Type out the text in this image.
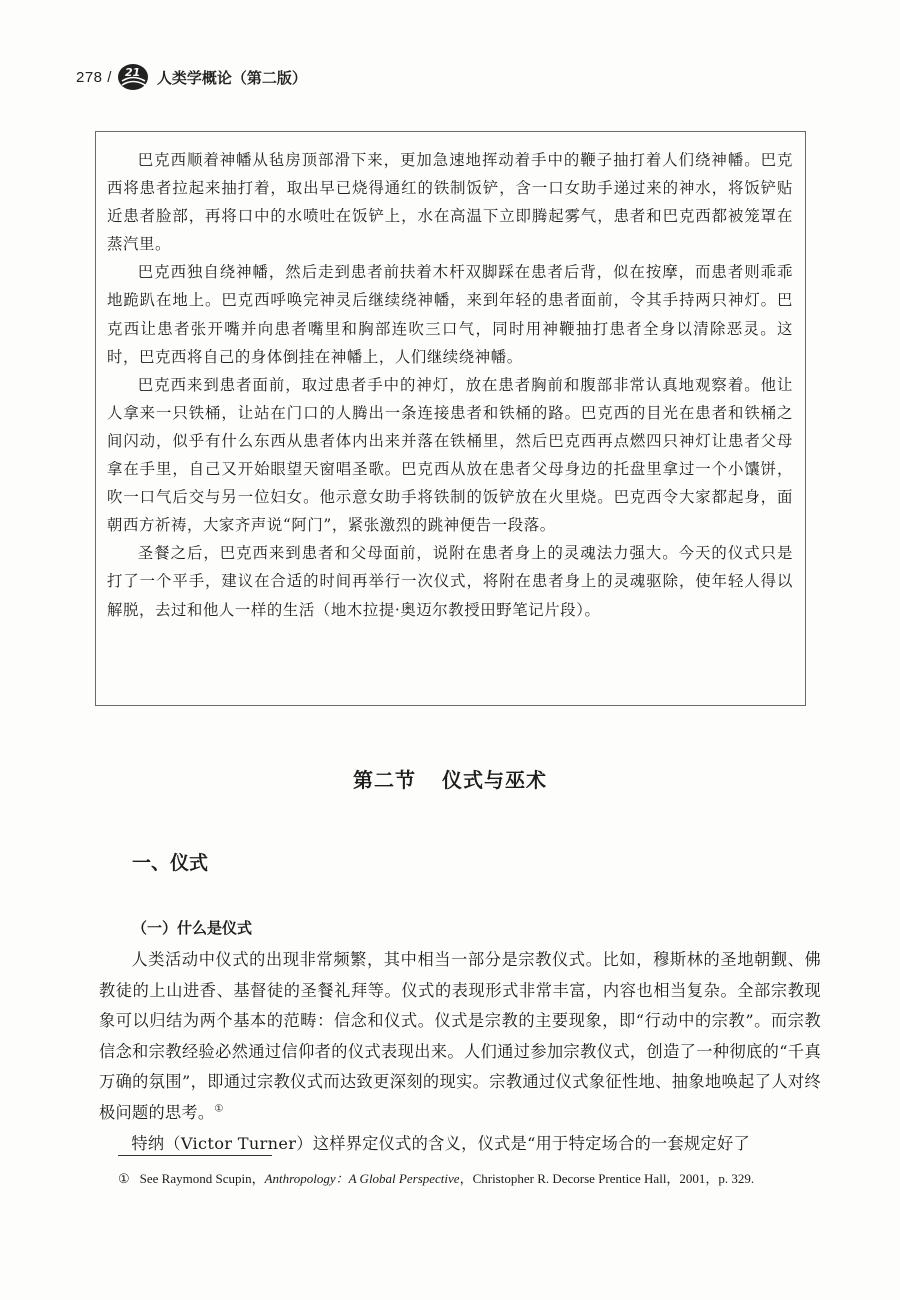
278 / 21 人类学概论（第二版）

巴克西顺着神幡从毡房顶部滑下来，更加急速地挥动着手中的鞭子抽打着人们绕神幡。巴克西将患者拉起来抽打着，取出早已烧得通红的铁制饭铲，含一口女助手递过来的神水，将饭铲贴近患者脸部，再将口中的水喷吐在饭铲上，水在高温下立即腾起雾气，患者和巴克西都被笼罩在蒸汽里。

巴克西独自绕神幡，然后走到患者前扶着木杆双脚踩在患者后背，似在按摩，而患者则乖乖地跪趴在地上。巴克西呼唤完神灵后继续绕神幡，来到年轻的患者面前，令其手持两只神灯。巴克西让患者张开嘴并向患者嘴里和胸部连吹三口气，同时用神鞭抽打患者全身以清除恶灵。这时，巴克西将自己的身体倒挂在神幡上，人们继续绕神幡。

巴克西来到患者面前，取过患者手中的神灯，放在患者胸前和腹部非常认真地观察着。他让人拿来一只铁桶，让站在门口的人腾出一条连接患者和铁桶的路。巴克西的目光在患者和铁桶之间闪动，似乎有什么东西从患者体内出来并落在铁桶里，然后巴克西再点燃四只神灯让患者父母拿在手里，自己又开始眼望天窗唱圣歌。巴克西从放在患者父母身边的托盘里拿过一个小馕饼，吹一口气后交与另一位妇女。他示意女助手将铁制的饭铲放在火里烧。巴克西令大家都起身，面朝西方祈祷，大家齐声说“阿门”，紧张激烈的跳神便告一段落。

圣餐之后，巴克西来到患者和父母面前，说附在患者身上的灵魂法力强大。今天的仪式只是打了一个平手，建议在合适的时间再举行一次仪式，将附在患者身上的灵魂驱除，使年轻人得以解脱，去过和他人一样的生活（地木拉提·奥迈尔教授田野笔记片段）。

第二节 仪式与巫术
一、仪式
（一）什么是仪式

人类活动中仪式的出现非常频繁，其中相当一部分是宗教仪式。比如，穆斯林的圣地朝觐、佛教徒的上山进香、基督徒的圣餐礼拜等。仪式的表现形式非常丰富，内容也相当复杂。全部宗教现象可以归结为两个基本的范畴：信念和仪式。仪式是宗教的主要现象，即“行动中的宗教”。而宗教信念和宗教经验必然通过信仰者的仪式表现出来。人们通过参加宗教仪式，创造了一种彻底的“千真万确的氛围”，即通过宗教仪式而达致更深刻的现实。宗教通过仪式象征性地、抽象地唤起了人对终极问题的思考。①

特纳（Victor Turner）这样界定仪式的含义，仪式是“用于特定场合的一套规定好了

① See Raymond Scupin，Anthropology：A Global Perspective，Christopher R. Decorse Prentice Hall，2001，p. 329.
